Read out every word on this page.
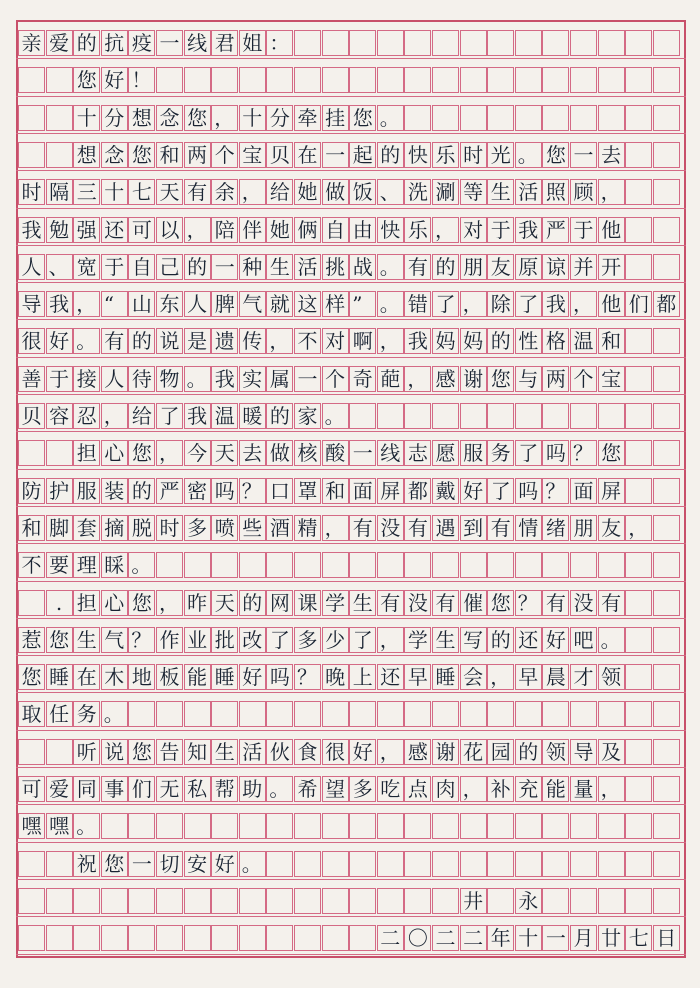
亲 爱 的 抗 疫 一 线 君 姐 ：
您 好 ！
十 分 想 念 您 ， 十 分 牵 挂 您 。
想 念 您 和 两 个 宝 贝 在 一 起 的 快 乐 时 光 。 您 一 去
时 隔 三 十 七 天 有 余 ， 给 她 做 饭 、 洗 涮 等 生 活 照 顾 ，
我 勉 强 还 可 以 ， 陪 伴 她 俩 自 由 快 乐 ， 对 于 我 严 于 他
人 、 宽 于 自 己 的 一 种 生 活 挑 战 。 有 的 朋 友 原 谅 并 开
导 我 ， “ 山 东 人 脾 气 就 这 样 ” 。 错 了 ， 除 了 我 ， 他 们 都
很 好 。 有 的 说 是 遗 传 ， 不 对 啊 ， 我 妈 妈 的 性 格 温 和
善 于 接 人 待 物 。 我 实 属 一 个 奇 葩 ， 感 谢 您 与 两 个 宝
贝 容 忍 ， 给 了 我 温 暖 的 家 。
担 心 您 ， 今 天 去 做 核 酸 一 线 志 愿 服 务 了 吗 ？ 您
防 护 服 装 的 严 密 吗 ？ 口 罩 和 面 屏 都 戴 好 了 吗 ？ 面 屏
和 脚 套 摘 脱 时 多 喷 些 酒 精 ， 有 没 有 遇 到 有 情 绪 朋 友 ，
不 要 理 睬 。
. 担 心 您 ， 昨 天 的 网 课 学 生 有 没 有 催 您 ？ 有 没 有
惹 您 生 气 ？ 作 业 批 改 了 多 少 了 ， 学 生 写 的 还 好 吧 。
您 睡 在 木 地 板 能 睡 好 吗 ？ 晚 上 还 早 睡 会 ， 早 晨 才 领
取 任 务 。
听 说 您 告 知 生 活 伙 食 很 好 ， 感 谢 花 园 的 领 导 及
可 爱 同 事 们 无 私 帮 助 。 希 望 多 吃 点 肉 ， 补 充 能 量 ，
嘿 嘿 。
祝 您 一 切 安 好 。
井 永
二 〇 二 二 年 十 一 月 廿 七 日
